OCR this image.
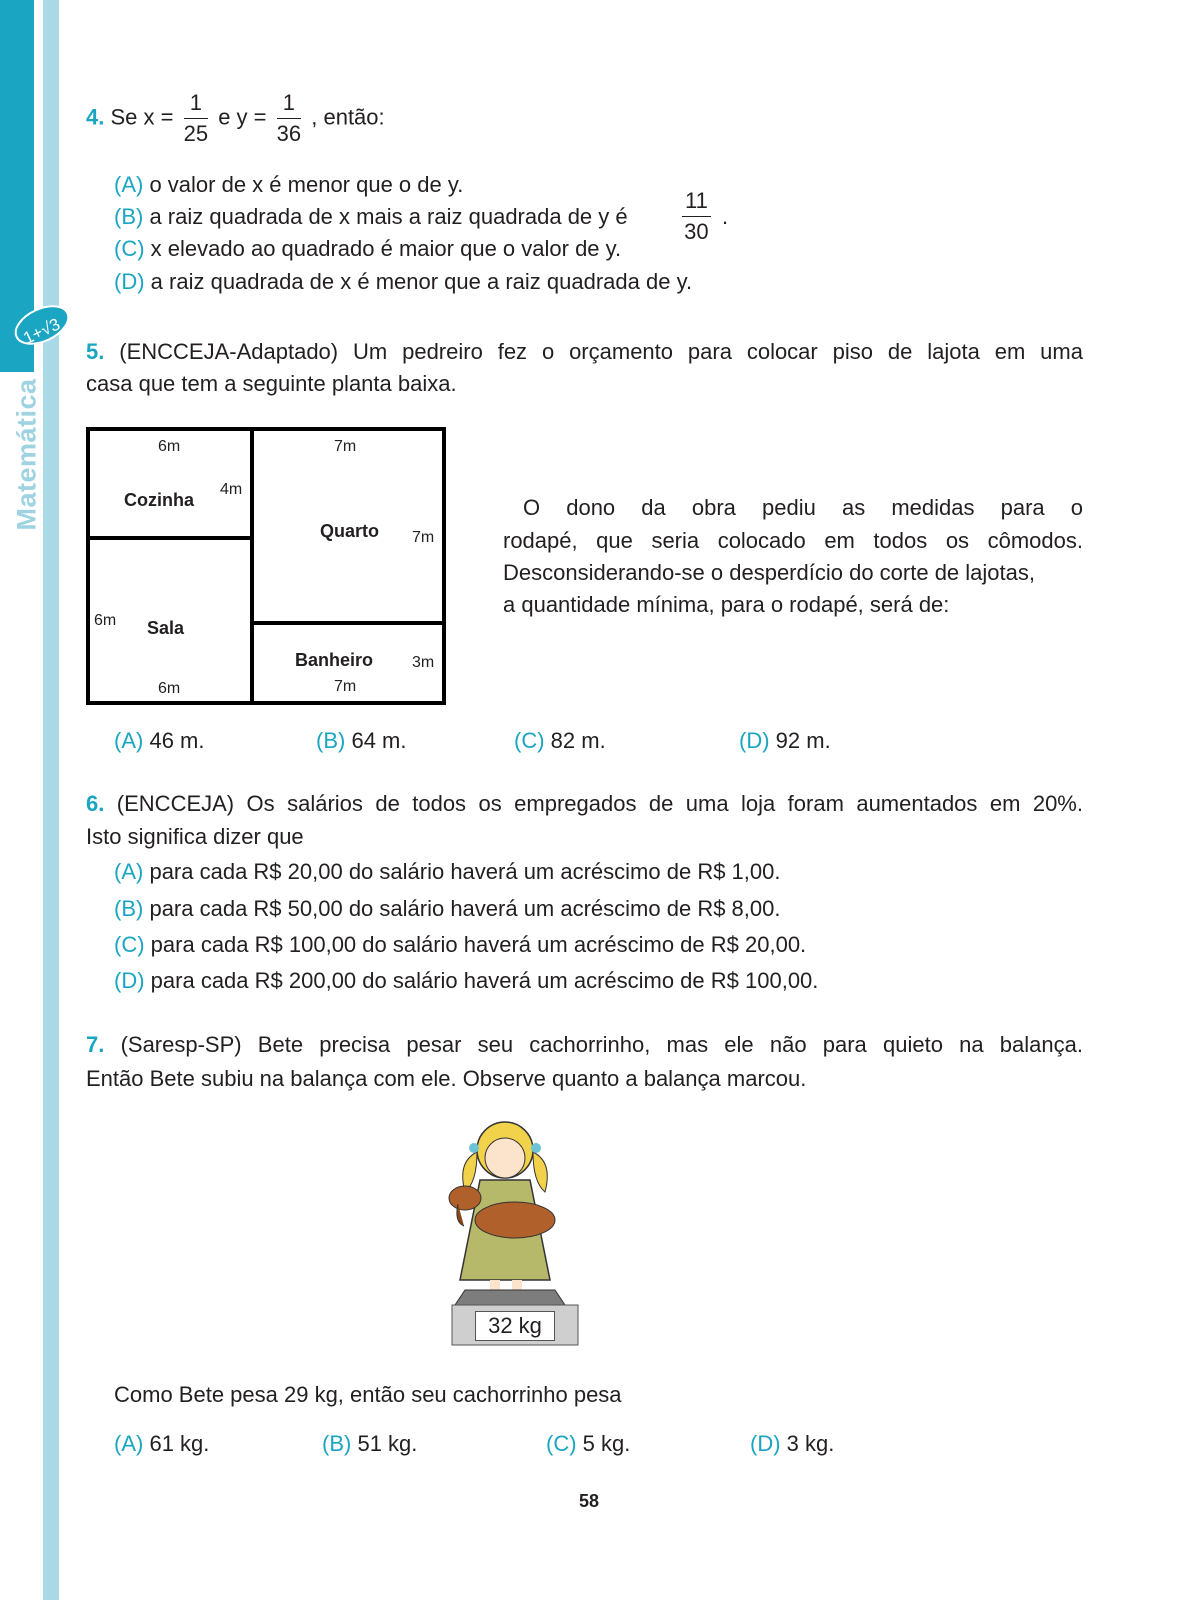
1+√3
Matemática
4. Se $x = \frac{1}{25}$ e $y = \frac{1}{36}$ , então:
(A) o valor de x é menor que o de y.
(B) a raiz quadrada de x mais a raiz quadrada de y é $\frac{11}{30}$ .
(C) x elevado ao quadrado é maior que o valor de y.
(D) a raiz quadrada de x é menor que a raiz quadrada de y.
5. (ENCCEJA-Adaptado) Um pedreiro fez o orçamento para colocar piso de lajota em uma
casa que tem a seguinte planta baixa.
6m
Cozinha
4m
6m Sala
6m
7m
Quarto 7m
Banheiro 3m
7m
O dono da obra pediu as medidas para o
rodapé, que seria colocado em todos os cômodos.
Desconsiderando-se o desperdício do corte de lajotas,
a quantidade mínima, para o rodapé, será de:
(A) 46 m.	(B) 64 m.	(C) 82 m.	(D) 92 m.
6. (ENCCEJA) Os salários de todos os empregados de uma loja foram aumentados em 20%.
Isto significa dizer que
(A) para cada R$ 20,00 do salário haverá um acréscimo de R$ 1,00.
(B) para cada R$ 50,00 do salário haverá um acréscimo de R$ 8,00.
(C) para cada R$ 100,00 do salário haverá um acréscimo de R$ 20,00.
(D) para cada R$ 200,00 do salário haverá um acréscimo de R$ 100,00.
7. (Saresp-SP) Bete precisa pesar seu cachorrinho, mas ele não para quieto na balança.
Então Bete subiu na balança com ele. Observe quanto a balança marcou.
32 kg
Como Bete pesa 29 kg, então seu cachorrinho pesa
(A) 61 kg.	(B) 51 kg.	(C) 5 kg.	(D) 3 kg.
58
